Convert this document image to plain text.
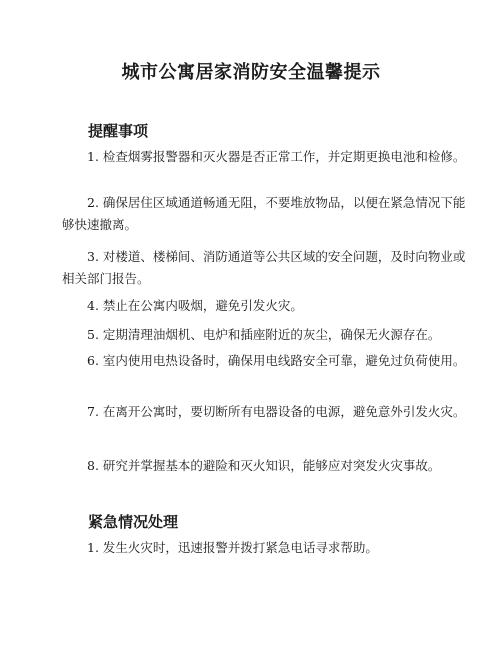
城市公寓居家消防安全温馨提示
提醒事项

1. 检查烟雾报警器和灭火器是否正常工作，并定期更换电池和检修。

2. 确保居住区域通道畅通无阻，不要堆放物品，以便在紧急情况下能够快速撤离。

3. 对楼道、楼梯间、消防通道等公共区域的安全问题，及时向物业或相关部门报告。

4. 禁止在公寓内吸烟，避免引发火灾。

5. 定期清理油烟机、电炉和插座附近的灰尘，确保无火源存在。

6. 室内使用电热设备时，确保用电线路安全可靠，避免过负荷使用。

7. 在离开公寓时，要切断所有电器设备的电源，避免意外引发火灾。

8. 研究并掌握基本的避险和灭火知识，能够应对突发火灾事故。

紧急情况处理

1. 发生火灾时，迅速报警并拨打紧急电话寻求帮助。
